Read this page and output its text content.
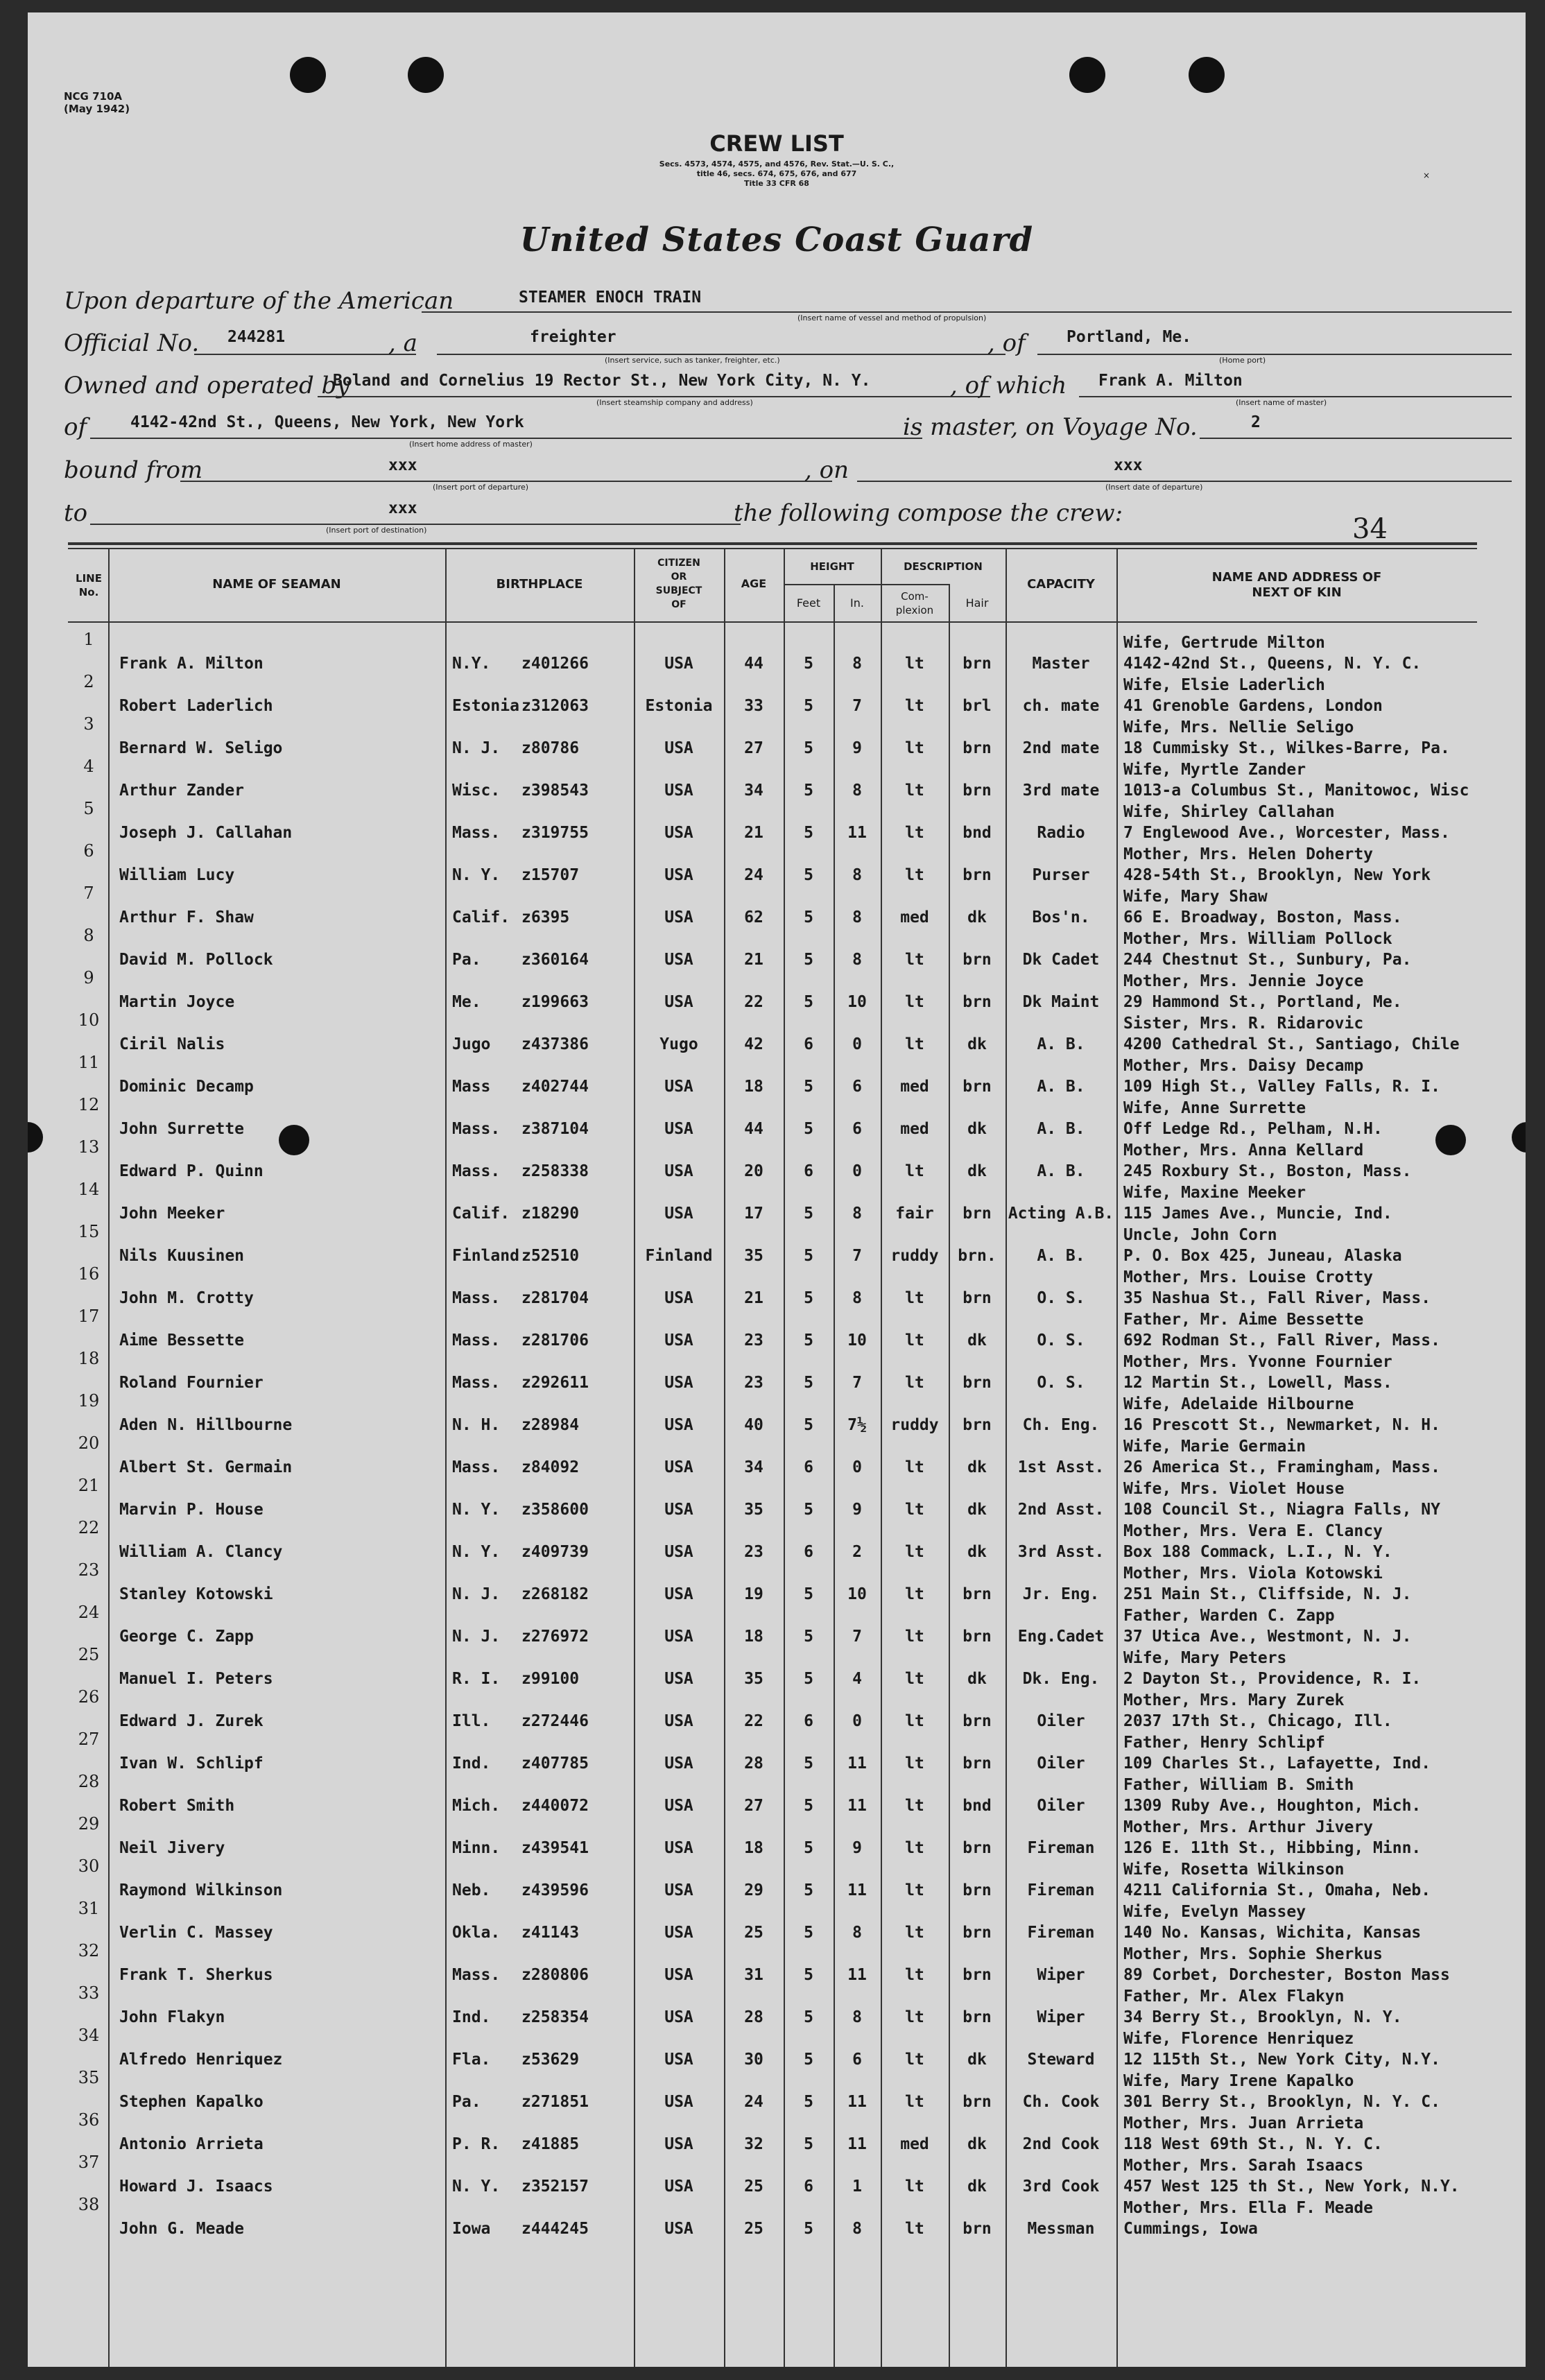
NCG 710A
(May 1942)
×
CREW LIST
Secs. 4573, 4574, 4575, and 4576, Rev. Stat.—U. S. C.,
title 46, secs. 674, 675, 676, and 677
Title 33 CFR 68
United States Coast Guard
Upon departure of the American	STEAMER ENOCH TRAIN
(Insert name of vessel and method of propulsion)
Official No. 244281	, a	freighter
(Insert service, such as tanker, freighter, etc.)
, of	Portland, Me.
(Home port)
Owned and operated by
Boland and Cornelius 19 Rector St., New York City, N. Y.
(Insert steamship company and address)
, of which Frank A. Milton
(Insert name of master)
of	4142-42nd St., Queens, New York, New York
(Insert home address of master)
is master, on Voyage No.	2
bound from	xxx
(Insert port of departure)
, on	xxx
(Insert date of departure)
to	xxx
(Insert port of destination)
the following compose the crew:	34
LINE
No.
NAME OF SEAMAN	BIRTHPLACE
CITIZEN
OR
SUBJECT
OF
AGE
HEIGHT
Feet	In.
DESCRIPTION
Com-
plexion
Hair
CAPACITY	NAME AND ADDRESS OF
NEXT OF KIN
1
Frank A. Milton	N.Y.	z401266	USA	44	5	8	lt	brn	Master
Wife, Gertrude Milton
4142-42nd St., Queens, N. Y. C.
2
Robert Laderlich	Estonia z312063	Estonia	33	5	7	lt	brl	ch. mate
Wife, Elsie Laderlich
41 Grenoble Gardens, London
3
Bernard W. Seligo	N. J.	z80786	USA	27	5	9	lt	brn	2nd mate
Wife, Mrs. Nellie Seligo
18 Cummisky St., Wilkes-Barre, Pa.
4
Arthur Zander	Wisc.	z398543	USA	34	5	8	lt	brn	3rd mate
Wife, Myrtle Zander
1013-a Columbus St., Manitowoc, Wisc
5
Joseph J. Callahan	Mass.	z319755	USA	21	5	11	lt	bnd	Radio
Wife, Shirley Callahan
7 Englewood Ave., Worcester, Mass.
6
William Lucy	N. Y.	z15707	USA	24	5	8	lt	brn	Purser
Mother, Mrs. Helen Doherty
428-54th St., Brooklyn, New York
7
Arthur F. Shaw	Calif. z6395	USA	62	5	8	med	dk	Bos'n.
Wife, Mary Shaw
66 E. Broadway, Boston, Mass.
8
David M. Pollock	Pa.	z360164	USA	21	5	8	lt	brn	Dk Cadet
Mother, Mrs. William Pollock
244 Chestnut St., Sunbury, Pa.
9
Martin Joyce	Me.	z199663	USA	22	5	10	lt	brn	Dk Maint
Mother, Mrs. Jennie Joyce
29 Hammond St., Portland, Me.
10
Ciril Nalis	Jugo	z437386	Yugo	42	6	0	lt	dk	A. B.
Sister, Mrs. R. Ridarovic
4200 Cathedral St., Santiago, Chile
11
Dominic Decamp	Mass	z402744	USA	18	5	6	med	brn	A. B.
Mother, Mrs. Daisy Decamp
109 High St., Valley Falls, R. I.
12
John Surrette	Mass.	z387104	USA	44	5	6	med	dk	A. B.
Wife, Anne Surrette
Off Ledge Rd., Pelham, N.H.
13
Edward P. Quinn	Mass.	z258338	USA	20	6	0	lt	dk	A. B.
Mother, Mrs. Anna Kellard
245 Roxbury St., Boston, Mass.
14
John Meeker	Calif. z18290	USA	17	5	8	fair	brn	Acting A.B.
Wife, Maxine Meeker
115 James Ave., Muncie, Ind.
15
Nils Kuusinen	Finland z52510	Finland	35	5	7	ruddy	brn.	A. B.
Uncle, John Corn
P. O. Box 425, Juneau, Alaska
16
John M. Crotty	Mass.	z281704	USA	21	5	8	lt	brn	O. S.
Mother, Mrs. Louise Crotty
35 Nashua St., Fall River, Mass.
17
Aime Bessette	Mass.	z281706	USA	23	5	10	lt	dk	O. S.
Father, Mr. Aime Bessette
692 Rodman St., Fall River, Mass.
18
Roland Fournier	Mass.	z292611	USA	23	5	7	lt	brn	O. S.
Mother, Mrs. Yvonne Fournier
12 Martin St., Lowell, Mass.
19
Aden N. Hillbourne	N. H.	z28984	USA	40	5	7½	ruddy	brn	Ch. Eng.
Wife, Adelaide Hilbourne
16 Prescott St., Newmarket, N. H.
20
Albert St. Germain	Mass.	z84092	USA	34	6	0	lt	dk	1st Asst.
Wife, Marie Germain
26 America St., Framingham, Mass.
21
Marvin P. House	N. Y.	z358600	USA	35	5	9	lt	dk	2nd Asst.
Wife, Mrs. Violet House
108 Council St., Niagra Falls, NY
22
William A. Clancy	N. Y.	z409739	USA	23	6	2	lt	dk	3rd Asst.
Mother, Mrs. Vera E. Clancy
Box 188 Commack, L.I., N. Y.
23
Stanley Kotowski	N. J.	z268182	USA	19	5	10	lt	brn	Jr. Eng.
Mother, Mrs. Viola Kotowski
251 Main St., Cliffside, N. J.
24
George C. Zapp	N. J.	z276972	USA	18	5	7	lt	brn	Eng.Cadet
Father, Warden C. Zapp
37 Utica Ave., Westmont, N. J.
25
Manuel I. Peters	R. I.	z99100	USA	35	5	4	lt	dk	Dk. Eng.
Wife, Mary Peters
2 Dayton St., Providence, R. I.
26
Edward J. Zurek	Ill.	z272446	USA	22	6	0	lt	brn	Oiler
Mother, Mrs. Mary Zurek
2037 17th St., Chicago, Ill.
27
Ivan W. Schlipf	Ind.	z407785	USA	28	5	11	lt	brn	Oiler
Father, Henry Schlipf
109 Charles St., Lafayette, Ind.
28
Robert Smith	Mich.	z440072	USA	27	5	11	lt	bnd	Oiler
Father, William B. Smith
1309 Ruby Ave., Houghton, Mich.
29
Neil Jivery	Minn.	z439541	USA	18	5	9	lt	brn	Fireman
Mother, Mrs. Arthur Jivery
126 E. 11th St., Hibbing, Minn.
30
Raymond Wilkinson	Neb.	z439596	USA	29	5	11	lt	brn	Fireman
Wife, Rosetta Wilkinson
4211 California St., Omaha, Neb.
31
Verlin C. Massey	Okla.	z41143	USA	25	5	8	lt	brn	Fireman
Wife, Evelyn Massey
140 No. Kansas, Wichita, Kansas
32
Frank T. Sherkus	Mass.	z280806	USA	31	5	11	lt	brn	Wiper
Mother, Mrs. Sophie Sherkus
89 Corbet, Dorchester, Boston Mass
33
John Flakyn	Ind.	z258354	USA	28	5	8	lt	brn	Wiper
Father, Mr. Alex Flakyn
34 Berry St., Brooklyn, N. Y.
34
Alfredo Henriquez	Fla.	z53629	USA	30	5	6	lt	dk	Steward
Wife, Florence Henriquez
12 115th St., New York City, N.Y.
35
Stephen Kapalko	Pa.	z271851	USA	24	5	11	lt	brn	Ch. Cook
Wife, Mary Irene Kapalko
301 Berry St., Brooklyn, N. Y. C.
36
Antonio Arrieta	P. R.	z41885	USA	32	5	11	med	dk	2nd Cook
Mother, Mrs. Juan Arrieta
118 West 69th St., N. Y. C.
37
Howard J. Isaacs	N. Y.	z352157	USA	25	6	1	lt	dk	3rd Cook
Mother, Mrs. Sarah Isaacs
457 West 125 th St., New York, N.Y.
38
John G. Meade	Iowa	z444245	USA	25	5	8	lt	brn	Messman
Mother, Mrs. Ella F. Meade
Cummings, Iowa
